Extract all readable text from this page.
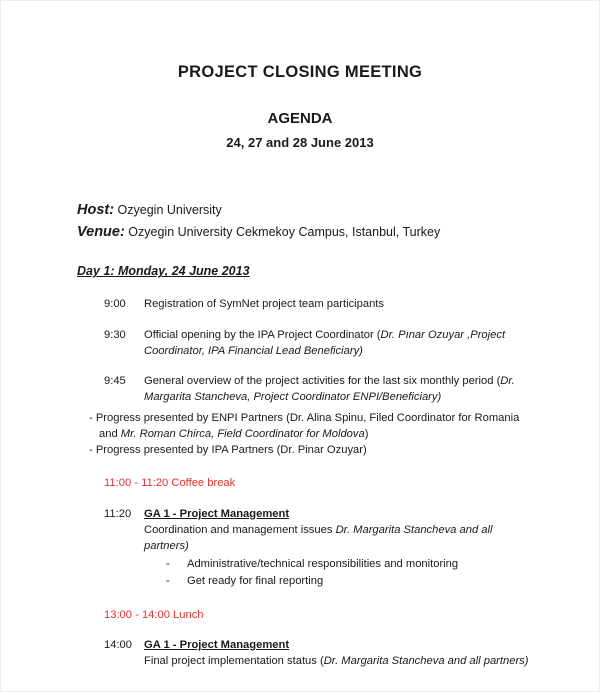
PROJECT CLOSING MEETING
AGENDA
24, 27 and 28 June 2013
Host: Ozyegin University
Venue: Ozyegin University Cekmekoy Campus, Istanbul, Turkey
Day 1: Monday, 24 June 2013
9:00	Registration of SymNet project team participants
9:30	Official opening by the IPA Project Coordinator (Dr. Pınar Ozuyar ,Project Coordinator, IPA Financial Lead Beneficiary)
9:45	General overview of the project activities for the last six monthly period (Dr. Margarita Stancheva, Project Coordinator ENPI/Beneficiary)
- Progress presented by ENPI Partners (Dr. Alina Spinu, Filed Coordinator for Romania and Mr. Roman Chirca, Field Coordinator for Moldova)
- Progress presented by IPA Partners (Dr. Pinar Ozuyar)
11:00 - 11:20 Coffee break
11:20	GA 1 - Project Management
Coordination and management issues Dr. Margarita Stancheva and all partners)
-	Administrative/technical responsibilities and monitoring
-	Get ready for final reporting
13:00 - 14:00 Lunch
14:00	GA 1 - Project Management
Final project implementation status (Dr. Margarita Stancheva and all partners)
